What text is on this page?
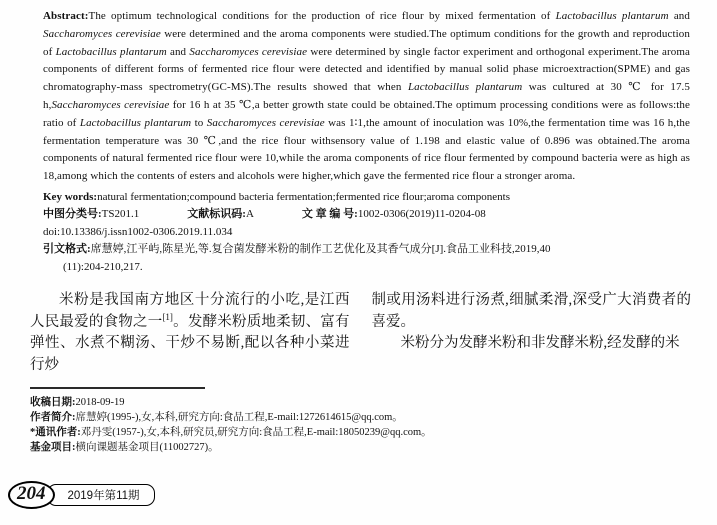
Abstract:The optimum technological conditions for the production of rice flour by mixed fermentation of Lactobacillus plantarum and Saccharomyces cerevisiae were determined and the aroma components were studied.The optimum conditions for the growth and reproduction of Lactobacillus plantarum and Saccharomyces cerevisiae were determined by single factor experiment and orthogonal experiment.The aroma components of different forms of fermented rice flour were detected and identified by manual solid phase microextraction(SPME) and gas chromatography-mass spectrometry(GC-MS).The results showed that when Lactobacillus plantarum was cultured at 30 ℃ for 17.5 h,Saccharomyces cerevisiae for 16 h at 35 ℃,a better growth state could be obtained.The optimum processing conditions were as follows:the ratio of Lactobacillus plantarum to Saccharomyces cerevisiae was 1∶1,the amount of inoculation was 10%,the fermentation time was 16 h,the fermentation temperature was 30 ℃,and the rice flour withsensory value of 1.198 and elastic value of 0.896 was obtained.The aroma components of natural fermented rice flour were 10,while the aroma components of rice flour fermented by compound bacteria were as high as 18,among which the contents of esters and alcohols were higher,which gave the fermented rice flour a stronger aroma.

Key words:natural fermentation;compound bacteria fermentation;fermented rice flour;aroma components

中图分类号:TS201.1	文献标识码:A	文 章 编 号:1002-0306(2019)11-0204-08

doi:10.13386/j.issn1002-0306.2019.11.034

引文格式:席慧婷,江平屿,陈星光,等.复合菌发酵米粉的制作工艺优化及其香气成分[J].食品工业科技,2019,40
(11):204-210,217.

米粉是我国南方地区十分流行的小吃,是江西人民最爱的食物之一[1]。发酵米粉质地柔韧、富有弹性、水煮不糊汤、干炒不易断,配以各种小菜进行炒

制或用汤料进行汤煮,细腻柔滑,深受广大消费者的喜爱。

米粉分为发酵米粉和非发酵米粉,经发酵的米

收稿日期:2018-09-19

作者简介:席慧婷(1995-),女,本科,研究方向:食品工程,E-mail:1272614615@qq.com。

*通讯作者:邓丹雯(1957-),女,本科,研究员,研究方向:食品工程,E-mail:18050239@qq.com。

基金项目:横向课题基金项目(11002727)。

204	2019年第11期
